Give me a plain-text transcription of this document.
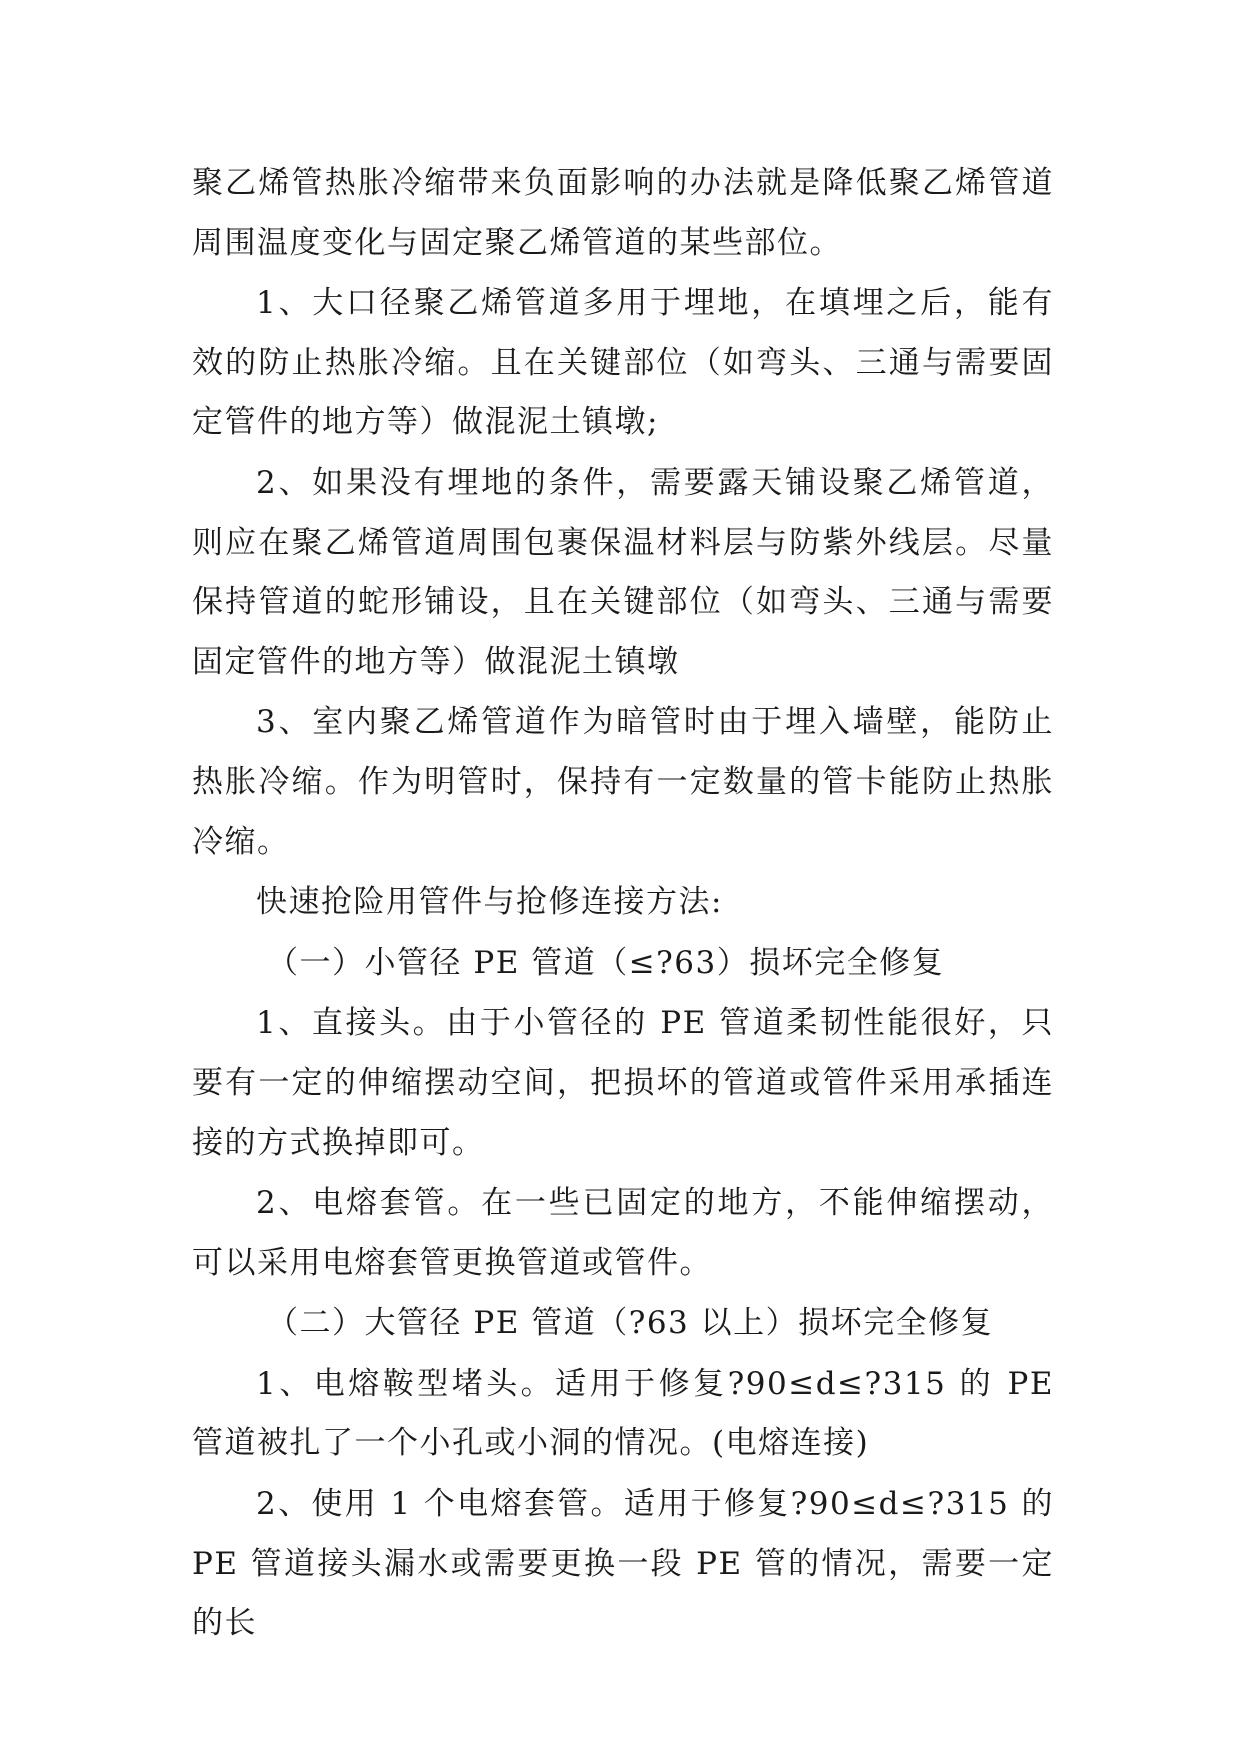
聚乙烯管热胀冷缩带来负面影响的办法就是降低聚乙烯管道周围温度变化与固定聚乙烯管道的某些部位。

1、大口径聚乙烯管道多用于埋地，在填埋之后，能有效的防止热胀冷缩。且在关键部位（如弯头、三通与需要固定管件的地方等）做混泥土镇墩;

2、如果没有埋地的条件，需要露天铺设聚乙烯管道，则应在聚乙烯管道周围包裹保温材料层与防紫外线层。尽量保持管道的蛇形铺设，且在关键部位（如弯头、三通与需要固定管件的地方等）做混泥土镇墩

3、室内聚乙烯管道作为暗管时由于埋入墙壁，能防止热胀冷缩。作为明管时，保持有一定数量的管卡能防止热胀冷缩。

快速抢险用管件与抢修连接方法:

（一）小管径 PE 管道（≤?63）损坏完全修复

1、直接头。由于小管径的 PE 管道柔韧性能很好，只要有一定的伸缩摆动空间，把损坏的管道或管件采用承插连接的方式换掉即可。

2、电熔套管。在一些已固定的地方，不能伸缩摆动，可以采用电熔套管更换管道或管件。

（二）大管径 PE 管道（?63 以上）损坏完全修复

1、电熔鞍型堵头。适用于修复?90≤d≤?315 的 PE 管道被扎了一个小孔或小洞的情况。(电熔连接)

2、使用 1 个电熔套管。适用于修复?90≤d≤?315 的 PE 管道接头漏水或需要更换一段 PE 管的情况，需要一定的长
